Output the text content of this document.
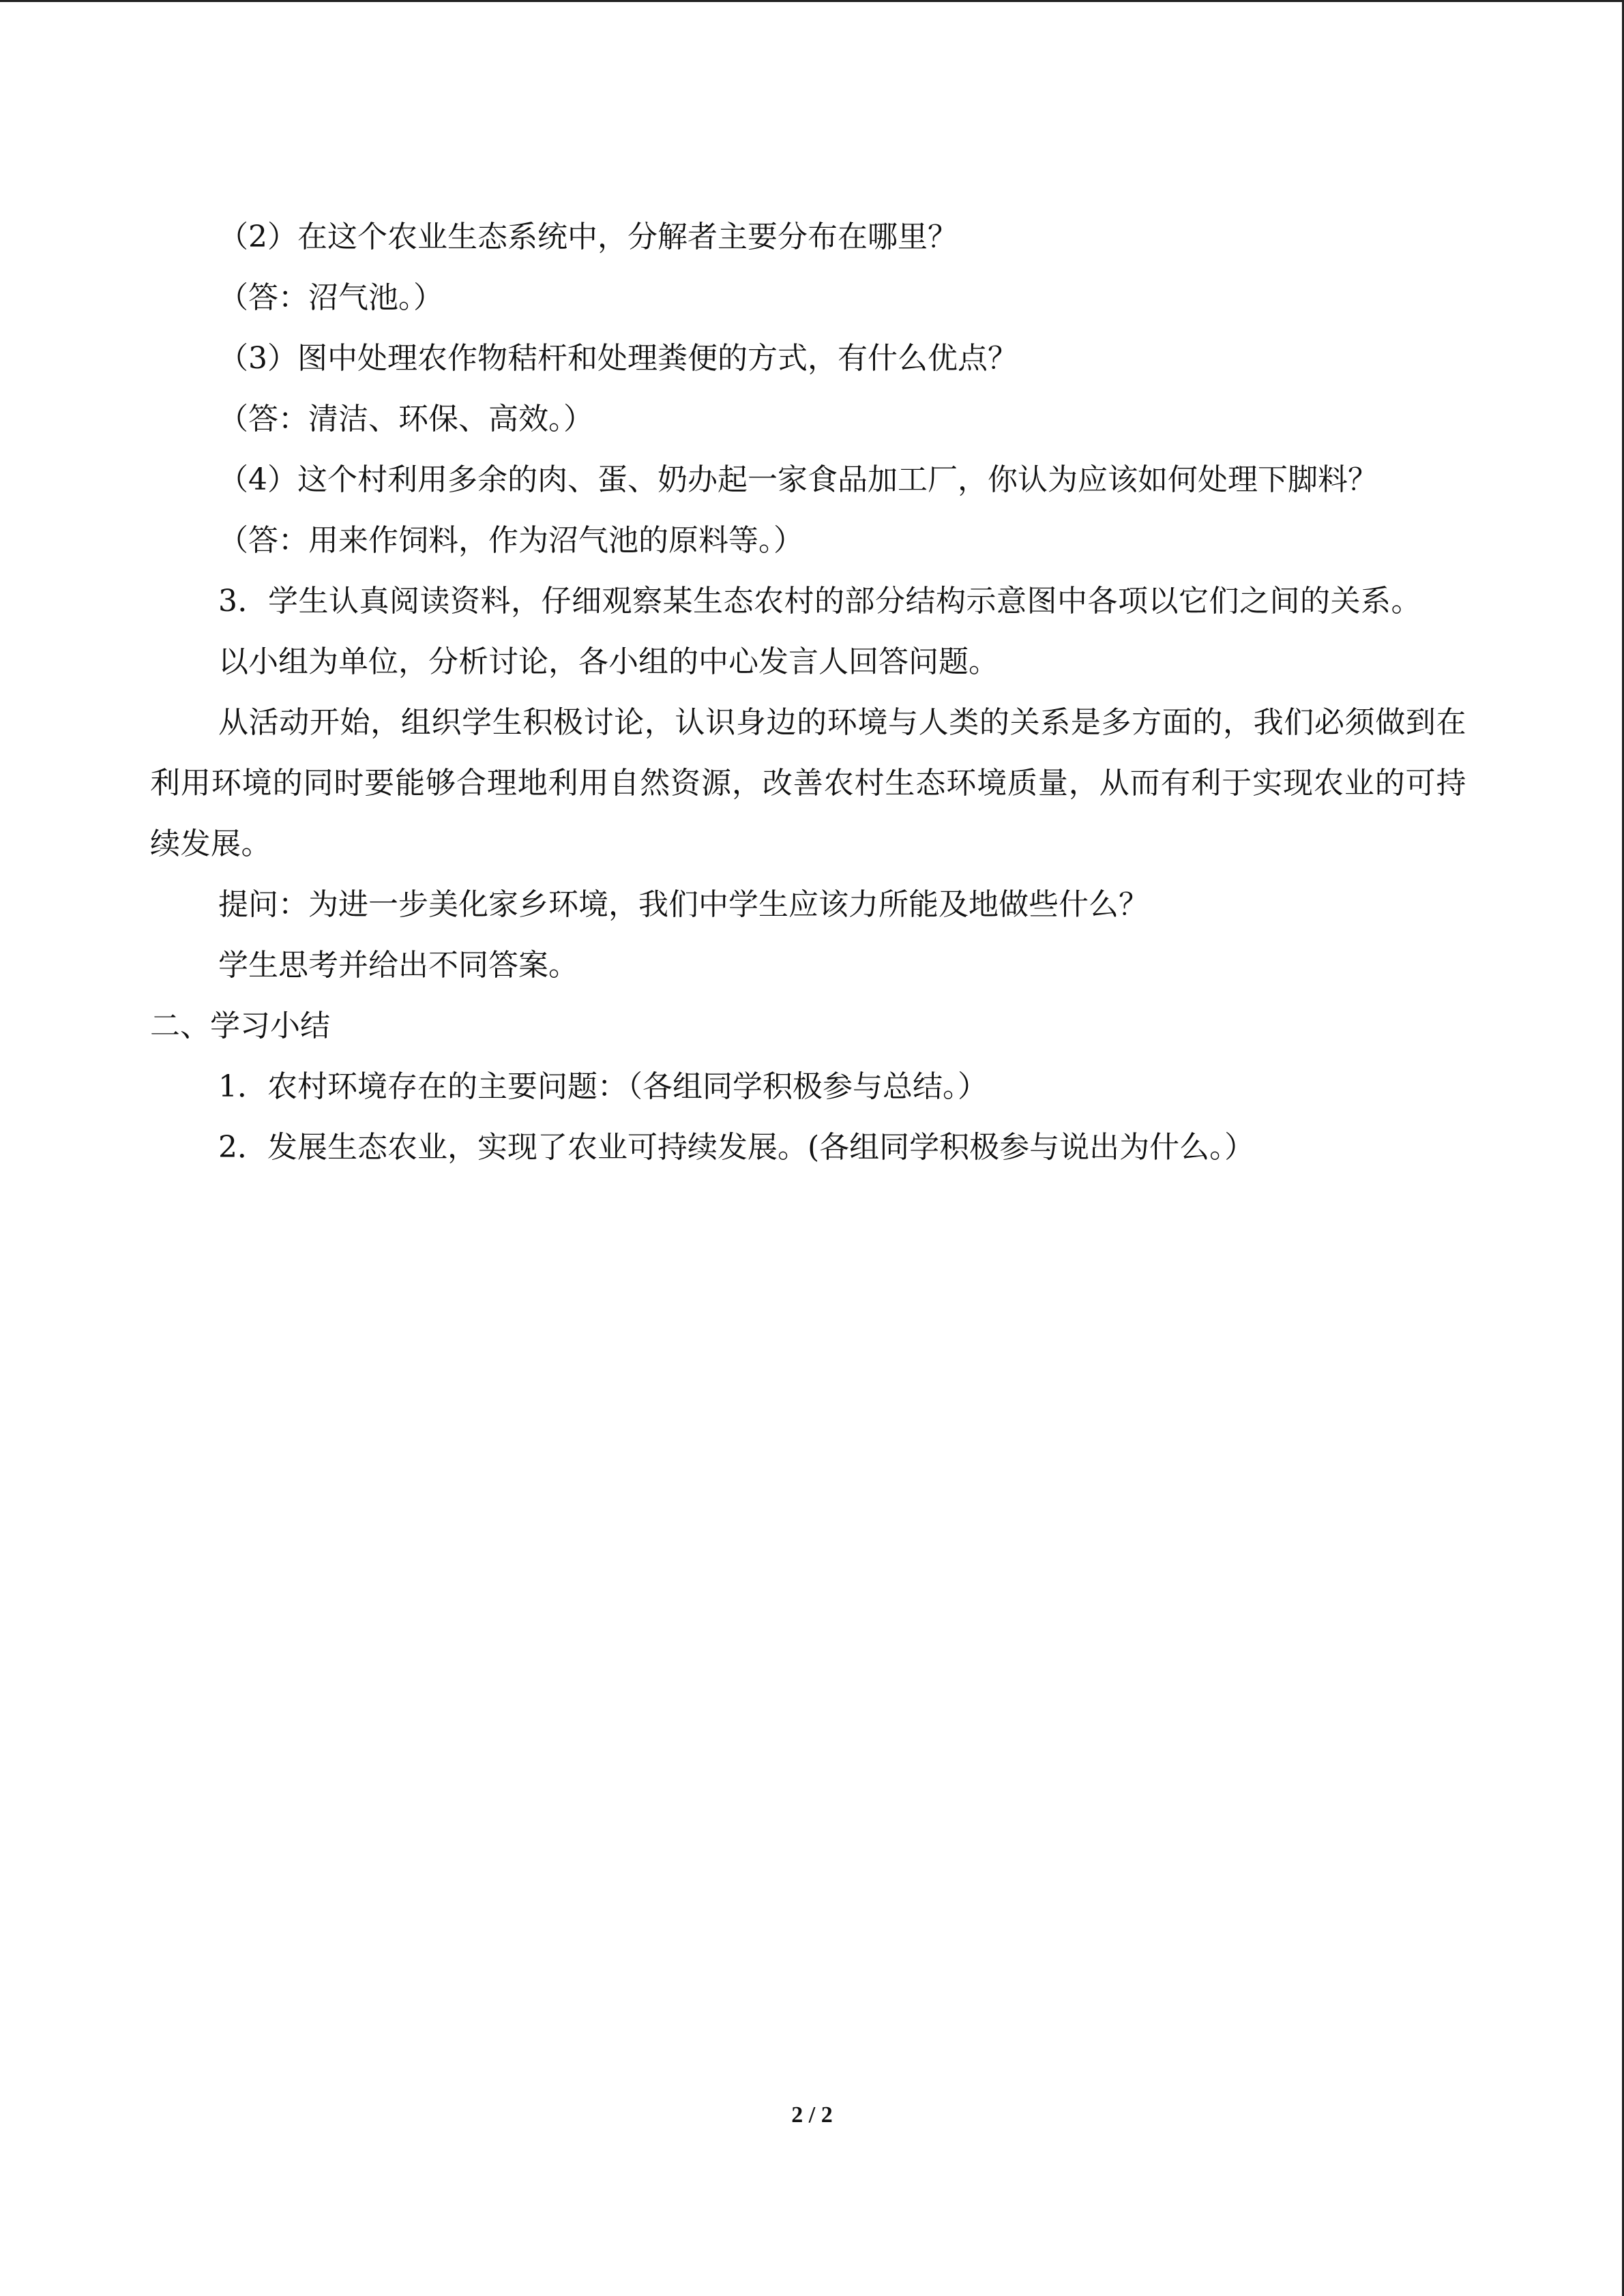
（2）在这个农业生态系统中，分解者主要分布在哪里？

（答：沼气池。）

（3）图中处理农作物秸杆和处理粪便的方式，有什么优点？

（答：清洁、环保、高效。）

（4）这个村利用多余的肉、蛋、奶办起一家食品加工厂，你认为应该如何处理下脚料？

（答：用来作饲料，作为沼气池的原料等。）

3．学生认真阅读资料，仔细观察某生态农村的部分结构示意图中各项以它们之间的关系。

以小组为单位，分析讨论，各小组的中心发言人回答问题。

从活动开始，组织学生积极讨论，认识身边的环境与人类的关系是多方面的，我们必须做到在利用环境的同时要能够合理地利用自然资源，改善农村生态环境质量，从而有利于实现农业的可持续发展。

提问：为进一步美化家乡环境，我们中学生应该力所能及地做些什么？

学生思考并给出不同答案。

二、学习小结

1．农村环境存在的主要问题：（各组同学积极参与总结。）

2．发展生态农业，实现了农业可持续发展。(各组同学积极参与说出为什么。）

2 / 2
